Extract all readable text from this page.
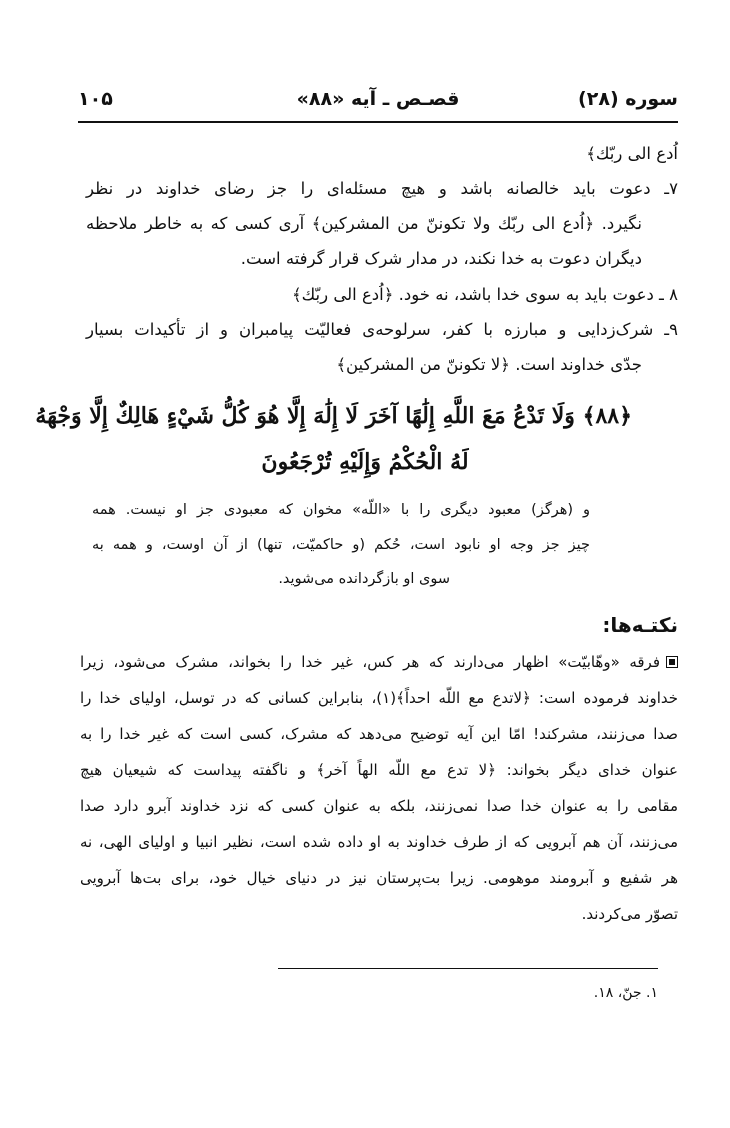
سوره (۲۸)
قصـص ـ آیه «۸۸»
۱۰۵
اُدع الی ربّك﴾
۷ـ دعوت باید خالصانه باشد و هیچ مسئله‌ای را جز رضای خداوند در نظر
نگیرد. ﴿اُدع الی ربّك ولا تكوننّ من المشركین﴾ آری کسی که به خاطر ملاحظه
دیگران دعوت به خدا نکند، در مدار شرک قرار گرفته است.
۸ ـ دعوت باید به سوی خدا باشد، نه خود. ﴿اُدع الی ربّك﴾
۹ـ شرک‌زدایی و مبارزه با کفر، سرلوحه‌ی فعالیّت پیامبران و از تأکیدات بسیار
جدّی خداوند است. ﴿لا تكوننّ من المشركین﴾
﴿۸۸﴾ وَلَا تَدْعُ مَعَ اللَّهِ إِلَٰهًا آخَرَ لَا إِلَٰهَ إِلَّا هُوَ كُلُّ شَيْءٍ هَالِكٌ إِلَّا وَجْهَهُ
لَهُ الْحُكْمُ وَإِلَيْهِ تُرْجَعُونَ
و (هرگز) معبود دیگری را با «اللّه» مخوان که معبودی جز او نیست. همه
چیز جز وجه او نابود است، حُکم (و حاکمیّت، تنها) از آن اوست، و همه به
سوی او بازگردانده می‌شوید.
نکتـه‌ها:
فرقه «وهّابیّت» اظهار می‌دارند که هر کس، غیر خدا را بخواند، مشرک می‌شود، زیرا
خداوند فرموده است: ﴿لاتدع مع اللّه احداً﴾(۱)، بنابراین کسانی که در توسل، اولیای خدا را
صدا می‌زنند، مشرکند! امّا این آیه توضیح می‌دهد که مشرک، کسی است که غیر خدا را به
عنوان خدای دیگر بخواند: ﴿لا تدع مع اللّه الهاً آخر﴾ و ناگفته پیداست که شیعیان هیچ
مقامی را به عنوان خدا صدا نمی‌زنند، بلکه به عنوان کسی که نزد خداوند آبرو دارد صدا
می‌زنند، آن هم آبرویی که از طرف خداوند به او داده شده است، نظیر انبیا و اولیای الهی، نه
هر شفیع و آبرومند موهومی. زیرا بت‌پرستان نیز در دنیای خیال خود، برای بت‌ها آبرویی
تصوّر می‌کردند.
۱. جنّ، ۱۸.
